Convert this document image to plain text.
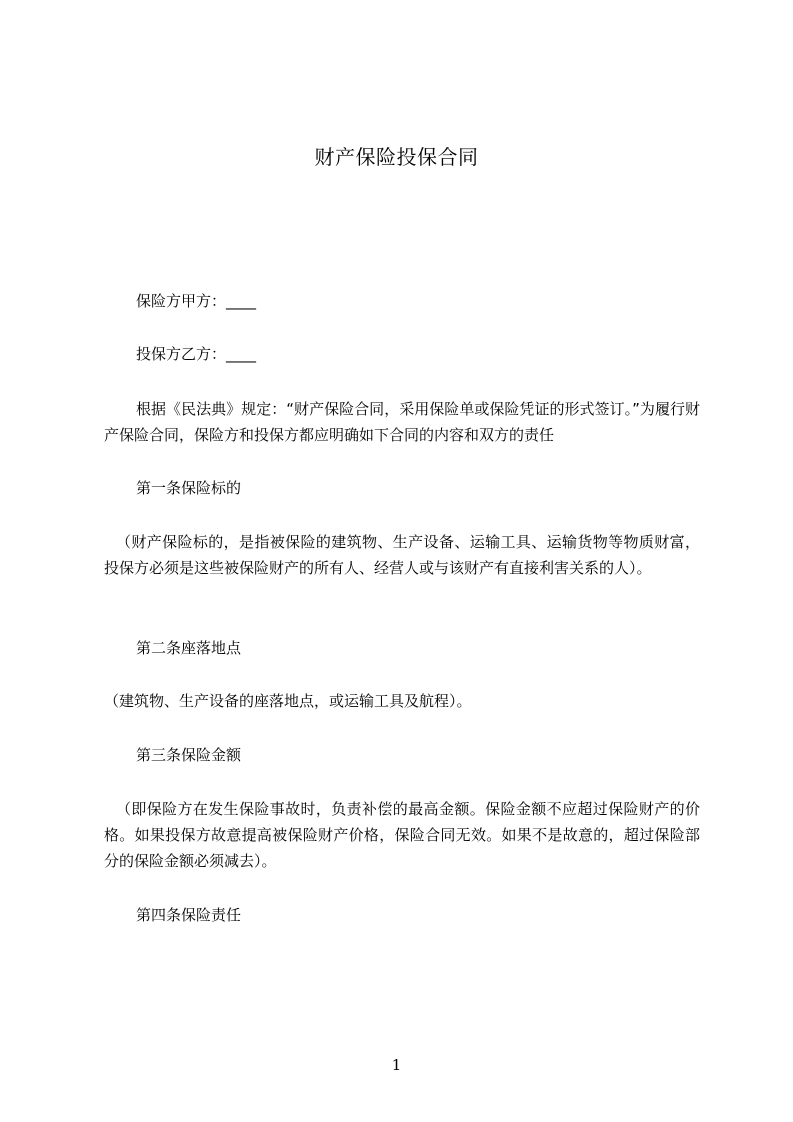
财产保险投保合同
保险方甲方：____
投保方乙方：____
根据《民法典》规定：“财产保险合同，采用保险单或保险凭证的形式签订。”为履行财产保险合同，保险方和投保方都应明确如下合同的内容和双方的责任
第一条保险标的
（财产保险标的，是指被保险的建筑物、生产设备、运输工具、运输货物等物质财富，投保方必须是这些被保险财产的所有人、经营人或与该财产有直接利害关系的人）。
第二条座落地点
（建筑物、生产设备的座落地点，或运输工具及航程）。
第三条保险金额
（即保险方在发生保险事故时，负责补偿的最高金额。保险金额不应超过保险财产的价格。如果投保方故意提高被保险财产价格，保险合同无效。如果不是故意的，超过保险部分的保险金额必须减去）。
第四条保险责任
1
